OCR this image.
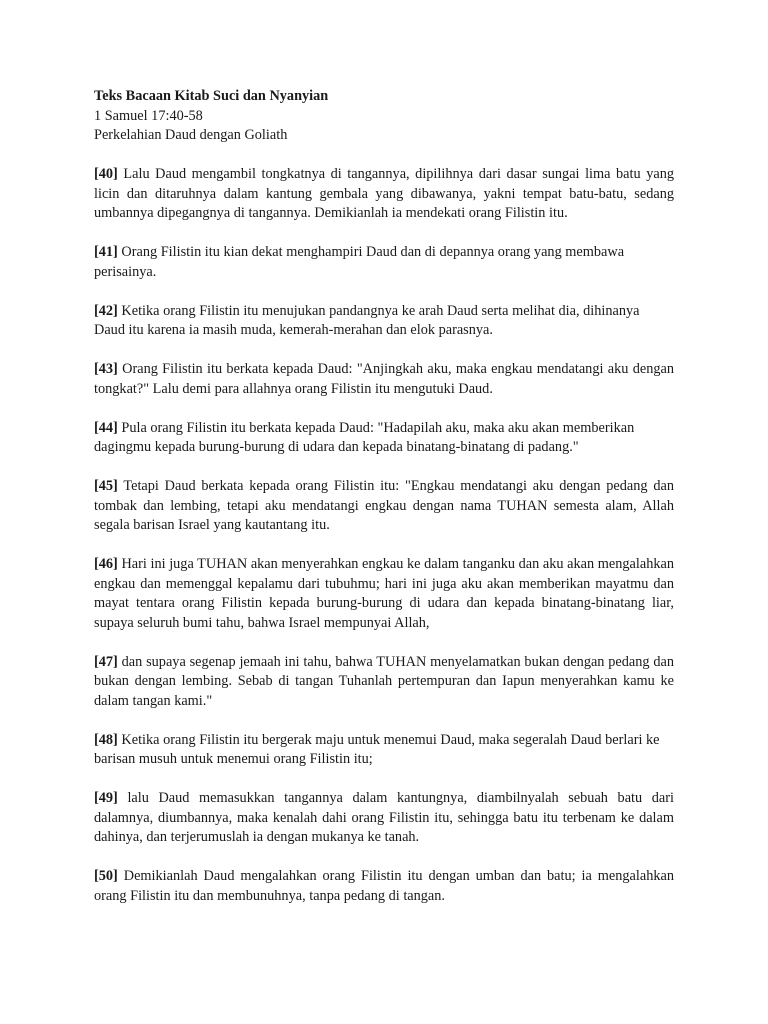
Teks Bacaan Kitab Suci dan Nyanyian
1 Samuel 17:40-58
Perkelahian Daud dengan Goliath

[40] Lalu Daud mengambil tongkatnya di tangannya, dipilihnya dari dasar sungai lima batu yang licin dan ditaruhnya dalam kantung gembala yang dibawanya, yakni tempat batu-batu, sedang umbannya dipegangnya di tangannya. Demikianlah ia mendekati orang Filistin itu.

[41] Orang Filistin itu kian dekat menghampiri Daud dan di depannya orang yang membawa perisainya.

[42] Ketika orang Filistin itu menujukan pandangnya ke arah Daud serta melihat dia, dihinanya Daud itu karena ia masih muda, kemerah-merahan dan elok parasnya.

[43] Orang Filistin itu berkata kepada Daud: "Anjingkah aku, maka engkau mendatangi aku dengan tongkat?" Lalu demi para allahnya orang Filistin itu mengutuki Daud.

[44] Pula orang Filistin itu berkata kepada Daud: "Hadapilah aku, maka aku akan memberikan dagingmu kepada burung-burung di udara dan kepada binatang-binatang di padang."

[45] Tetapi Daud berkata kepada orang Filistin itu: "Engkau mendatangi aku dengan pedang dan tombak dan lembing, tetapi aku mendatangi engkau dengan nama TUHAN semesta alam, Allah segala barisan Israel yang kautantang itu.

[46] Hari ini juga TUHAN akan menyerahkan engkau ke dalam tanganku dan aku akan mengalahkan engkau dan memenggal kepalamu dari tubuhmu; hari ini juga aku akan memberikan mayatmu dan mayat tentara orang Filistin kepada burung-burung di udara dan kepada binatang-binatang liar, supaya seluruh bumi tahu, bahwa Israel mempunyai Allah,

[47] dan supaya segenap jemaah ini tahu, bahwa TUHAN menyelamatkan bukan dengan pedang dan bukan dengan lembing. Sebab di tangan Tuhanlah pertempuran dan Iapun menyerahkan kamu ke dalam tangan kami."

[48] Ketika orang Filistin itu bergerak maju untuk menemui Daud, maka segeralah Daud berlari ke barisan musuh untuk menemui orang Filistin itu;

[49] lalu Daud memasukkan tangannya dalam kantungnya, diambilnyalah sebuah batu dari dalamnya, diumbannya, maka kenalah dahi orang Filistin itu, sehingga batu itu terbenam ke dalam dahinya, dan terjerumuslah ia dengan mukanya ke tanah.

[50] Demikianlah Daud mengalahkan orang Filistin itu dengan umban dan batu; ia mengalahkan orang Filistin itu dan membunuhnya, tanpa pedang di tangan.
